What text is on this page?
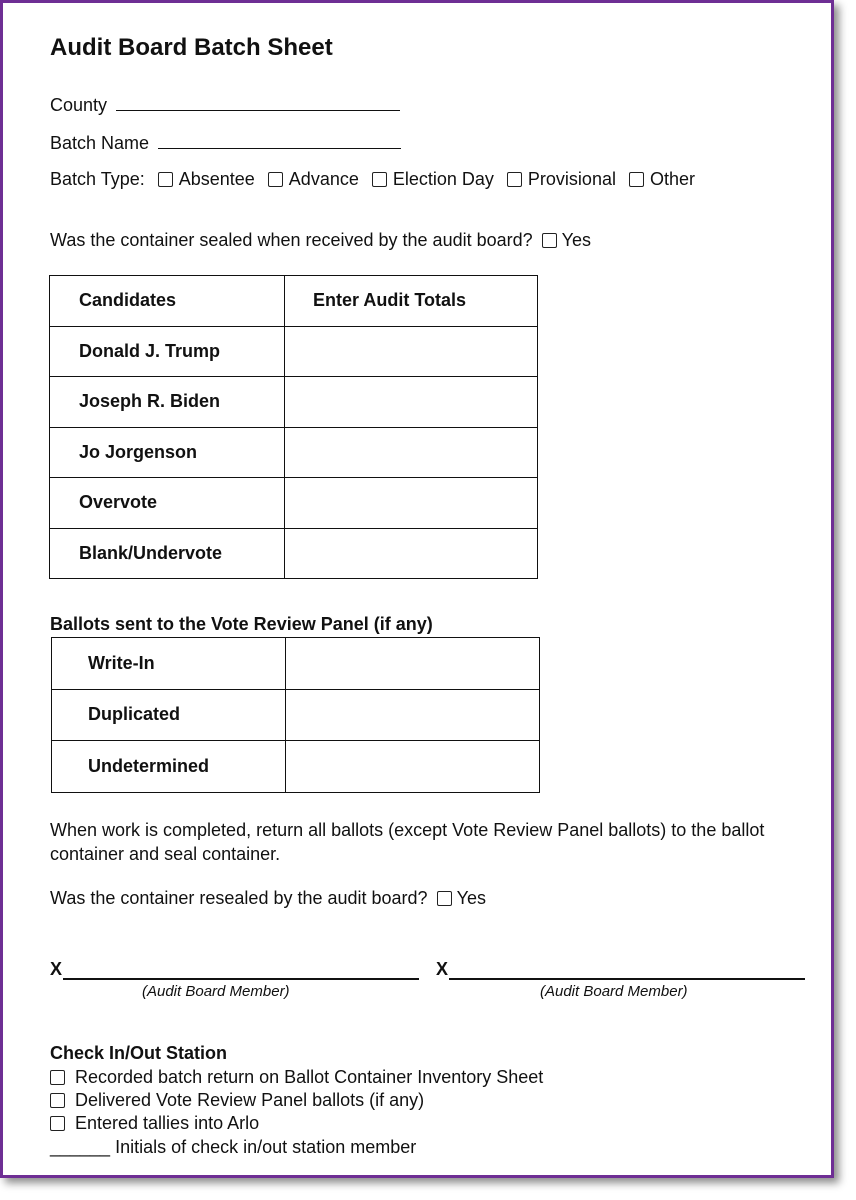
Audit Board Batch Sheet
County
Batch Name
Batch Type: Absentee Advance Election Day Provisional Other
Was the container sealed when received by the audit board? Yes
Candidates	Enter Audit Totals
Donald J. Trump	
Joseph R. Biden	
Jo Jorgenson	
Overvote	
Blank/Undervote	
Ballots sent to the Vote Review Panel (if any)
Write-In	
Duplicated	
Undetermined	
When work is completed, return all ballots (except Vote Review Panel ballots) to the ballot container and seal container.
Was the container resealed by the audit board? Yes
X
(Audit Board Member)
X
(Audit Board Member)
Check In/Out Station
Recorded batch return on Ballot Container Inventory Sheet
Delivered Vote Review Panel ballots (if any)
Entered tallies into Arlo
______ Initials of check in/out station member
